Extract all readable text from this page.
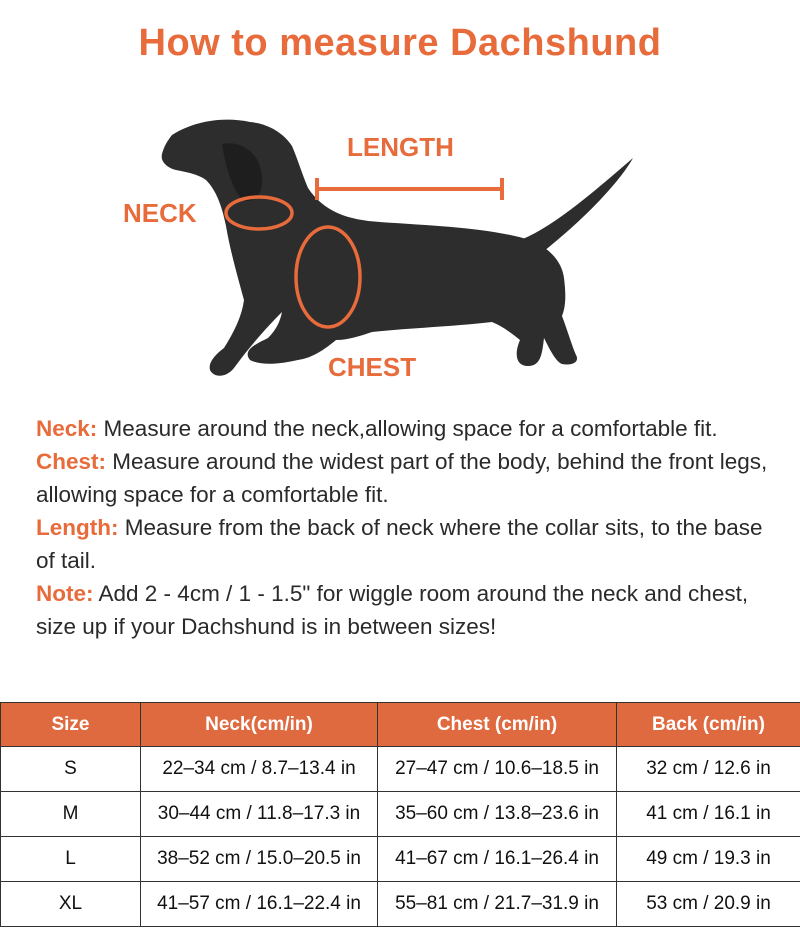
How to measure Dachshund
NECK
LENGTH
CHEST

Neck: Measure around the neck,allowing space for a comfortable fit.

Chest: Measure around the widest part of the body, behind the front legs, allowing space for a comfortable fit.

Length: Measure from the back of neck where the collar sits, to the base of tail.

Note: Add 2 - 4cm / 1 - 1.5" for wiggle room around the neck and chest, size up if your Dachshund is in between sizes!

Size	Neck(cm/in)	Chest (cm/in)	Back (cm/in)
S	22–34 cm / 8.7–13.4 in	27–47 cm / 10.6–18.5 in	32 cm / 12.6 in
M	30–44 cm / 11.8–17.3 in	35–60 cm / 13.8–23.6 in	41 cm / 16.1 in
L	38–52 cm / 15.0–20.5 in	41–67 cm / 16.1–26.4 in	49 cm / 19.3 in
XL	41–57 cm / 16.1–22.4 in	55–81 cm / 21.7–31.9 in	53 cm / 20.9 in
